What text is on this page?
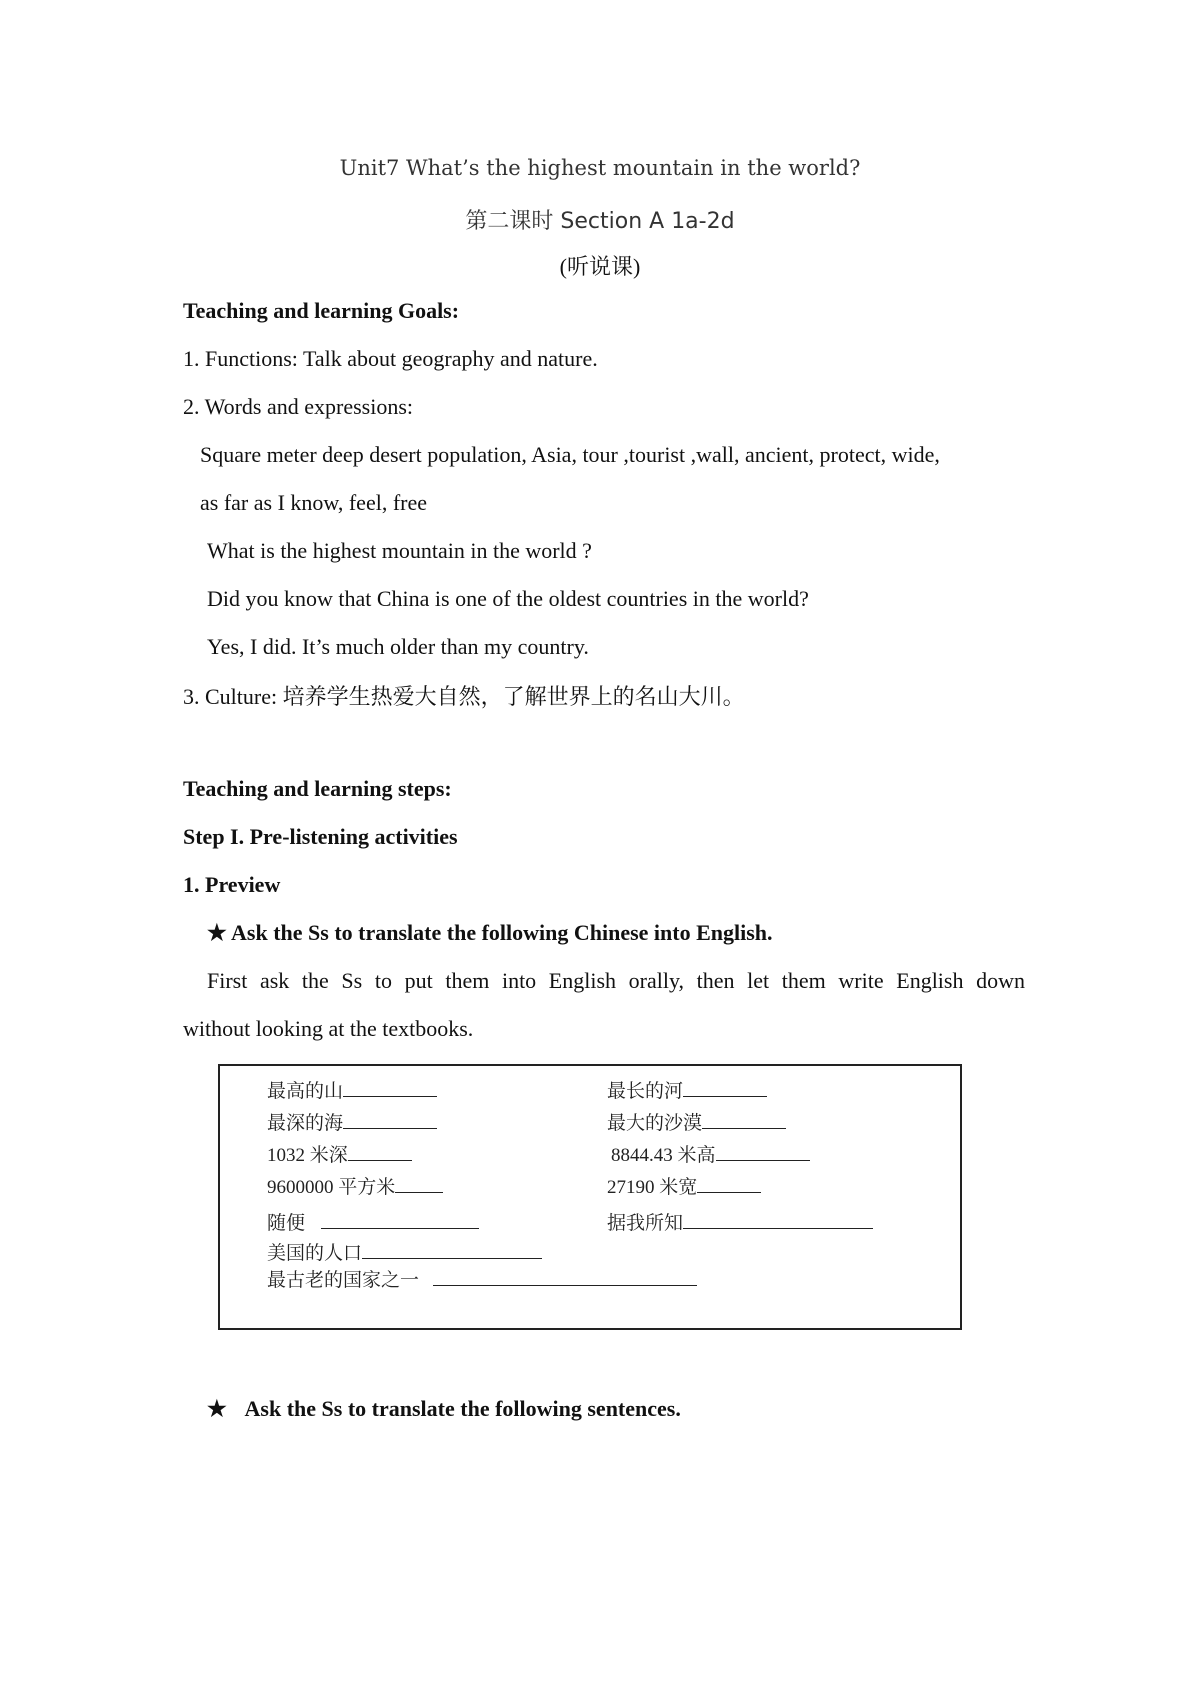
Unit7 What’s the highest mountain in the world?
第二课时 Section A 1a-2d
(听说课)
Teaching and learning Goals:
1. Functions: Talk about geography and nature.
2. Words and expressions:
Square meter deep desert population, Asia, tour ,tourist ,wall, ancient, protect, wide,
as far as I know, feel, free
What is the highest mountain in the world ?
Did you know that China is one of the oldest countries in the world?
Yes, I did. It’s much older than my country.
3. Culture: 培养学生热爱大自然，了解世界上的名山大川。
Teaching and learning steps:
Step I. Pre-listening activities
1. Preview
★ Ask the Ss to translate the following Chinese into English.
First ask the Ss to put them into English orally, then let them write English down
without looking at the textbooks.
最高的山	最长的河
最深的海	最大的沙漠
1032 米深	8844.43 米高
9600000 平方米	27190 米宽
随便	据我所知
美国的人口
最古老的国家之一
★ Ask the Ss to translate the following sentences.
